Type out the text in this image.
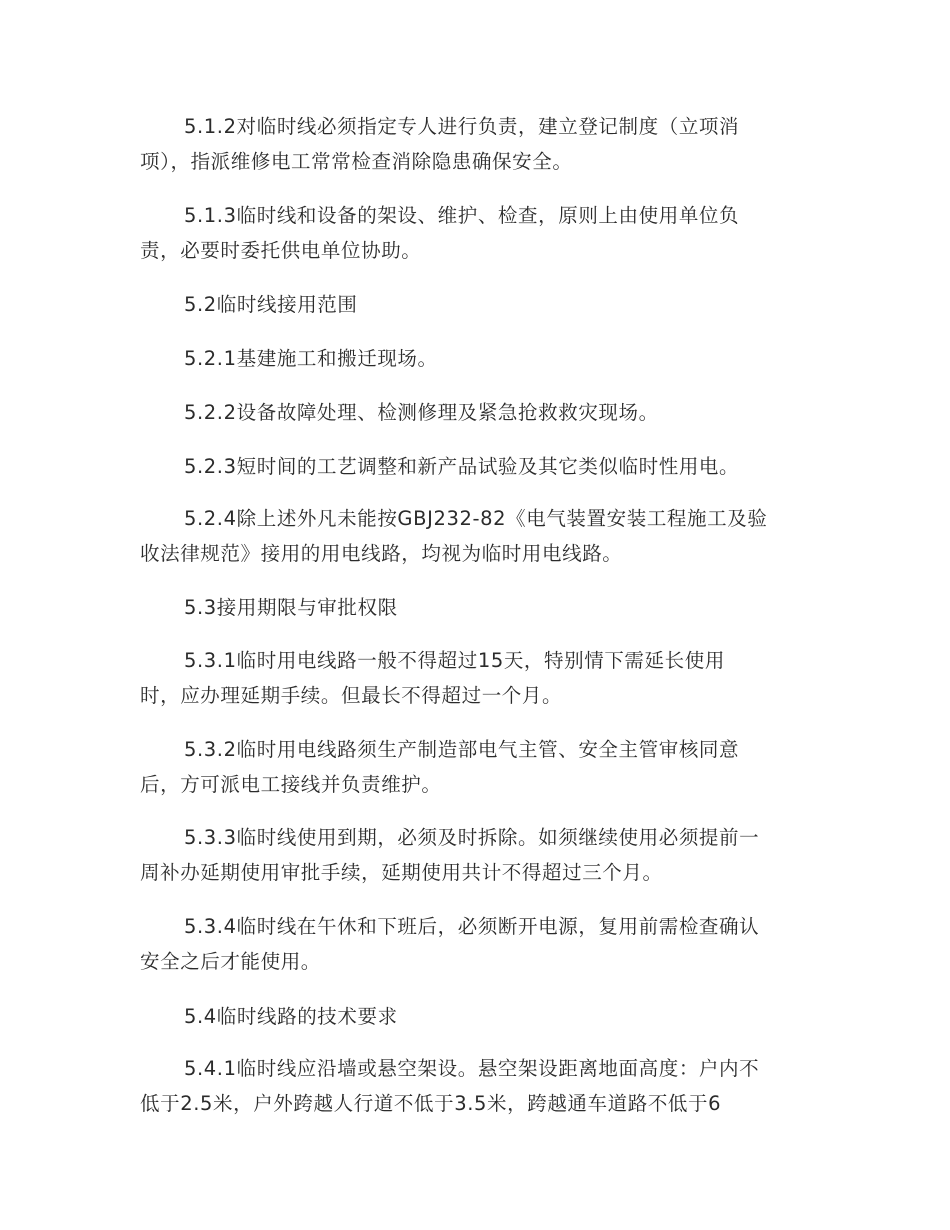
5.1.2对临时线必须指定专人进行负责，建立登记制度（立项消
项），指派维修电工常常检查消除隐患确保安全。

5.1.3临时线和设备的架设、维护、检查，原则上由使用单位负
责，必要时委托供电单位协助。

5.2临时线接用范围

5.2.1基建施工和搬迁现场。

5.2.2设备故障处理、检测修理及紧急抢救救灾现场。

5.2.3短时间的工艺调整和新产品试验及其它类似临时性用电。

5.2.4除上述外凡未能按GBJ232-82《电气装置安装工程施工及验
收法律规范》接用的用电线路，均视为临时用电线路。

5.3接用期限与审批权限

5.3.1临时用电线路一般不得超过15天，特别情下需延长使用
时，应办理延期手续。但最长不得超过一个月。

5.3.2临时用电线路须生产制造部电气主管、安全主管审核同意
后，方可派电工接线并负责维护。

5.3.3临时线使用到期，必须及时拆除。如须继续使用必须提前一
周补办延期使用审批手续，延期使用共计不得超过三个月。

5.3.4临时线在午休和下班后，必须断开电源，复用前需检查确认
安全之后才能使用。

5.4临时线路的技术要求

5.4.1临时线应沿墙或悬空架设。悬空架设距离地面高度：户内不
低于2.5米，户外跨越人行道不低于3.5米，跨越通车道路不低于6
